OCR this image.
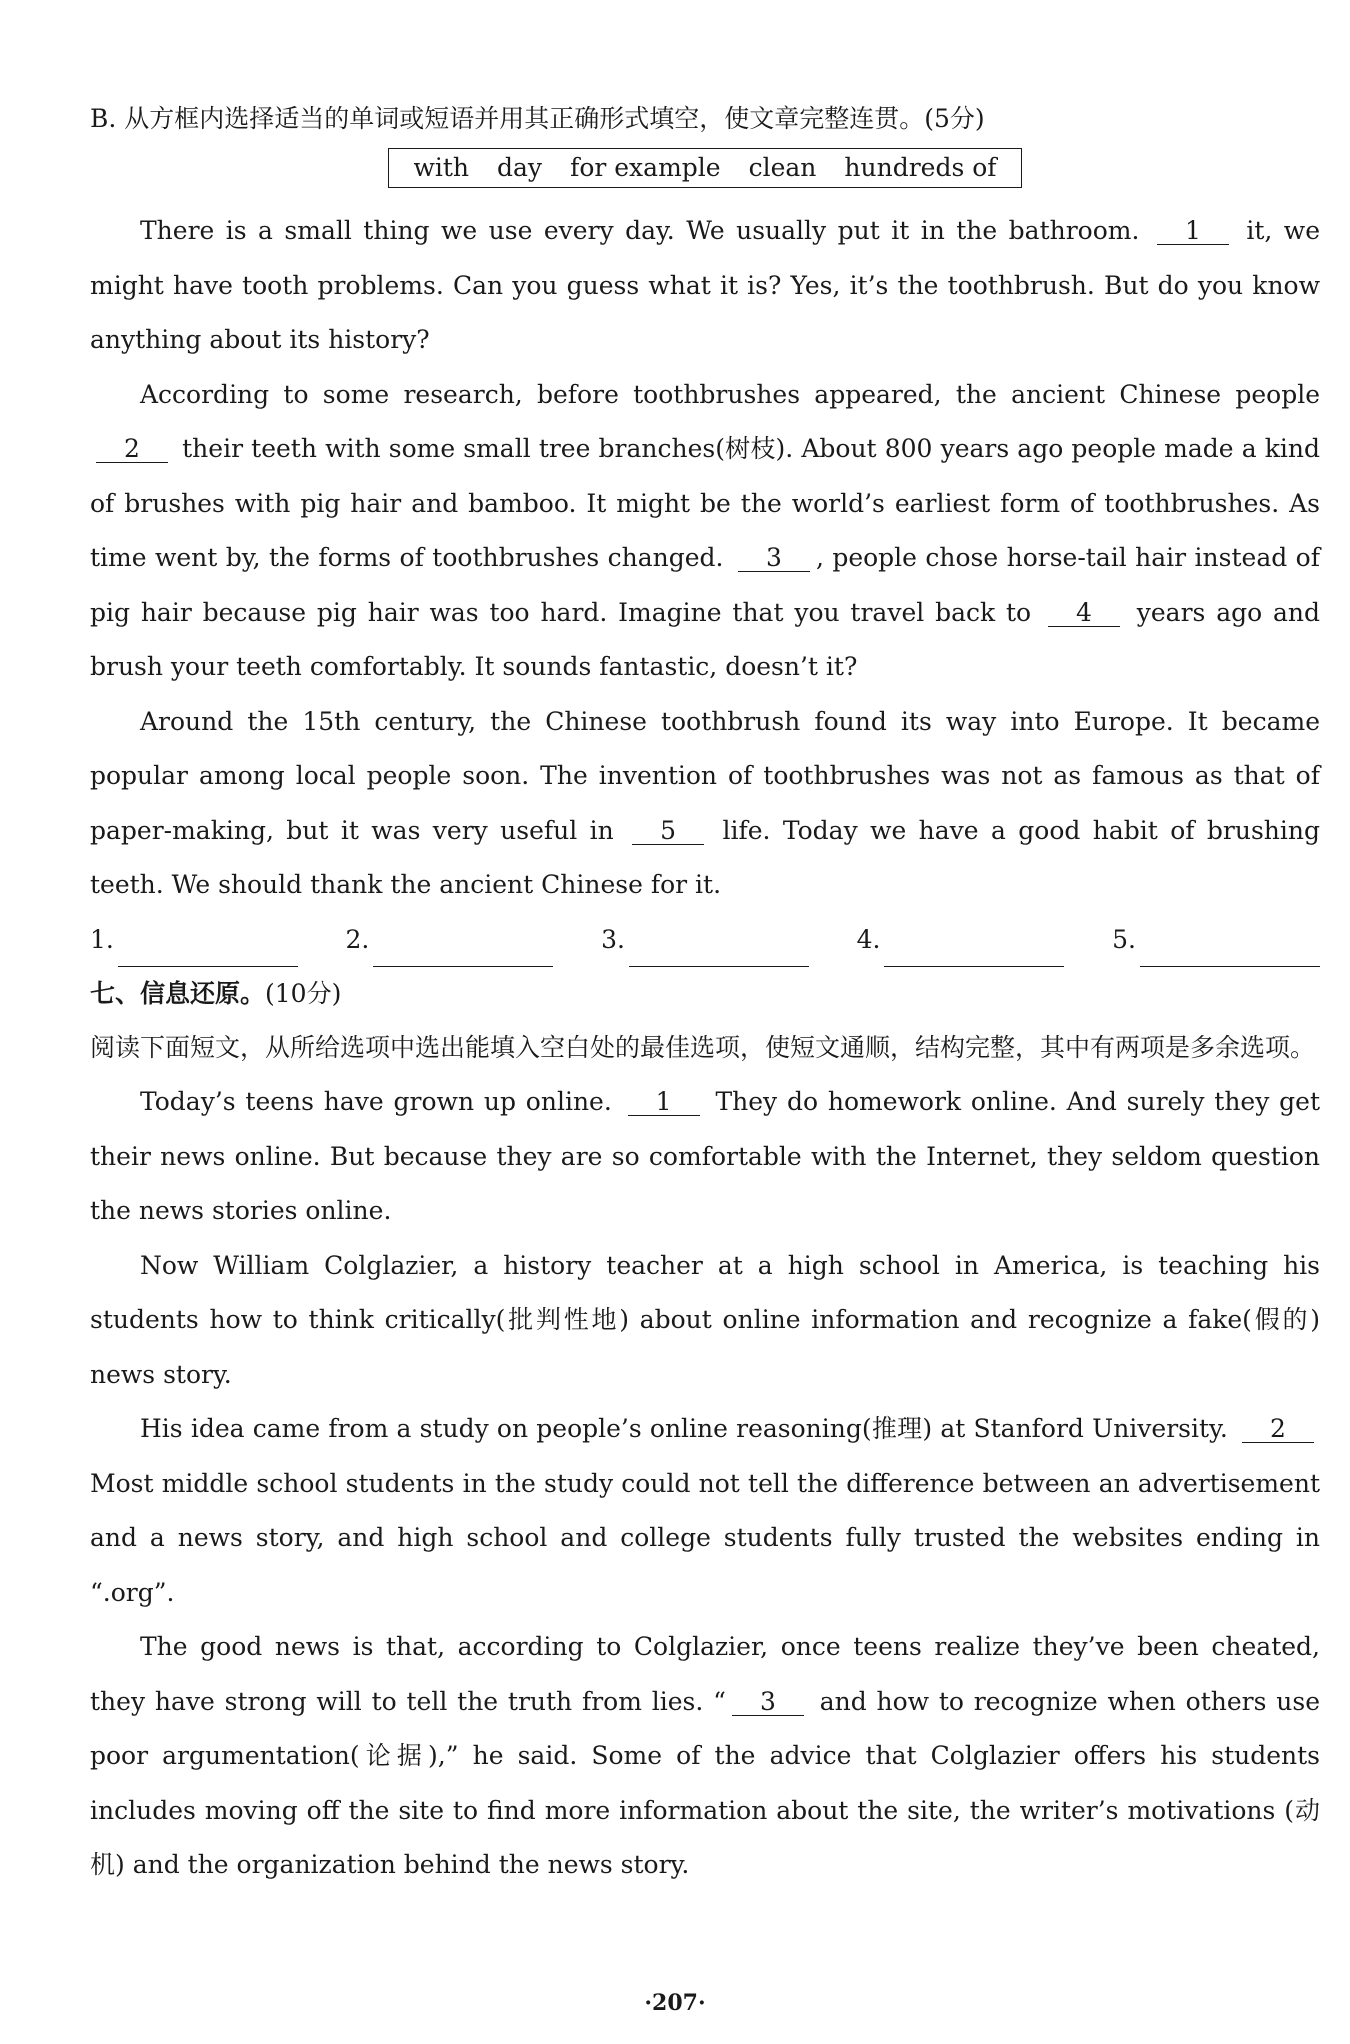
B. 从方框内选择适当的单词或短语并用其正确形式填空，使文章完整连贯。(5分)

with day for example clean hundreds of

There is a small thing we use every day. We usually put it in the bathroom. 1 it, we might have tooth problems. Can you guess what it is? Yes, it’s the toothbrush. But do you know anything about its history?

According to some research, before toothbrushes appeared, the ancient Chinese people 2 their teeth with some small tree branches(树枝). About 800 years ago people made a kind of brushes with pig hair and bamboo. It might be the world’s earliest form of toothbrushes. As time went by, the forms of toothbrushes changed. 3 , people chose horse-tail hair instead of pig hair because pig hair was too hard. Imagine that you travel back to 4 years ago and brush your teeth comfortably. It sounds fantastic, doesn’t it?

Around the 15th century, the Chinese toothbrush found its way into Europe. It became popular among local people soon. The invention of toothbrushes was not as famous as that of paper-making, but it was very useful in 5 life. Today we have a good habit of brushing teeth. We should thank the ancient Chinese for it.

1.	2.	3.	4.	5.

七、信息还原。(10分)

阅读下面短文，从所给选项中选出能填入空白处的最佳选项，使短文通顺，结构完整，其中有两项是多余选项。

Today’s teens have grown up online. 1 They do homework online. And surely they get their news online. But because they are so comfortable with the Internet, they seldom question the news stories online.

Now William Colglazier, a history teacher at a high school in America, is teaching his students how to think critically(批判性地) about online information and recognize a fake(假的) news story.

His idea came from a study on people’s online reasoning(推理) at Stanford University. 2 Most middle school students in the study could not tell the difference between an advertisement and a news story, and high school and college students fully trusted the websites ending in “.org”.

The good news is that, according to Colglazier, once teens realize they’ve been cheated, they have strong will to tell the truth from lies. “ 3 and how to recognize when others use poor argumentation(论据),” he said. Some of the advice that Colglazier offers his students includes moving off the site to find more information about the site, the writer’s motivations (动机) and the organization behind the news story.

·207·
